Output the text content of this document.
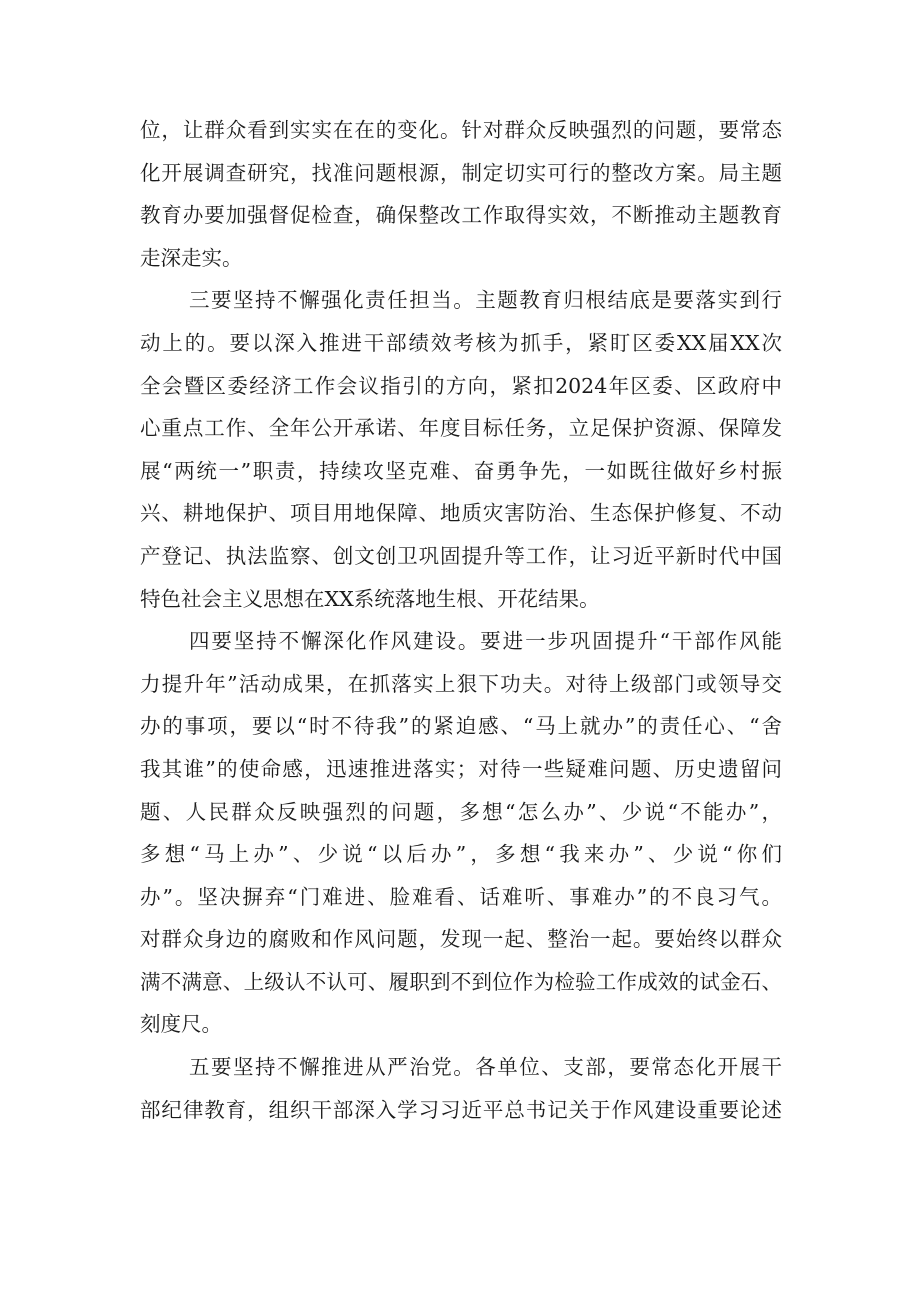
位，让群众看到实实在在的变化。针对群众反映强烈的问题，要常态
化开展调查研究，找准问题根源，制定切实可行的整改方案。局主题
教育办要加强督促检查，确保整改工作取得实效，不断推动主题教育
走深走实。
三要坚持不懈强化责任担当。主题教育归根结底是要落实到行
动上的。要以深入推进干部绩效考核为抓手，紧盯区委XX届XX次
全会暨区委经济工作会议指引的方向，紧扣2024年区委、区政府中
心重点工作、全年公开承诺、年度目标任务，立足保护资源、保障发
展“两统一”职责，持续攻坚克难、奋勇争先，一如既往做好乡村振
兴、耕地保护、项目用地保障、地质灾害防治、生态保护修复、不动
产登记、执法监察、创文创卫巩固提升等工作，让习近平新时代中国
特色社会主义思想在XX系统落地生根、开花结果。
四要坚持不懈深化作风建设。要进一步巩固提升“干部作风能
力提升年”活动成果，在抓落实上狠下功夫。对待上级部门或领导交
办的事项，要以“时不待我”的紧迫感、“马上就办”的责任心、“舍
我其谁”的使命感，迅速推进落实；对待一些疑难问题、历史遗留问
题、人民群众反映强烈的问题，多想“怎么办”、少说“不能办”，
多想“马上办”、少说“以后办”，多想“我来办”、少说“你们
办”。坚决摒弃“门难进、脸难看、话难听、事难办”的不良习气。
对群众身边的腐败和作风问题，发现一起、整治一起。要始终以群众
满不满意、上级认不认可、履职到不到位作为检验工作成效的试金石、
刻度尺。
五要坚持不懈推进从严治党。各单位、支部，要常态化开展干
部纪律教育，组织干部深入学习习近平总书记关于作风建设重要论述
